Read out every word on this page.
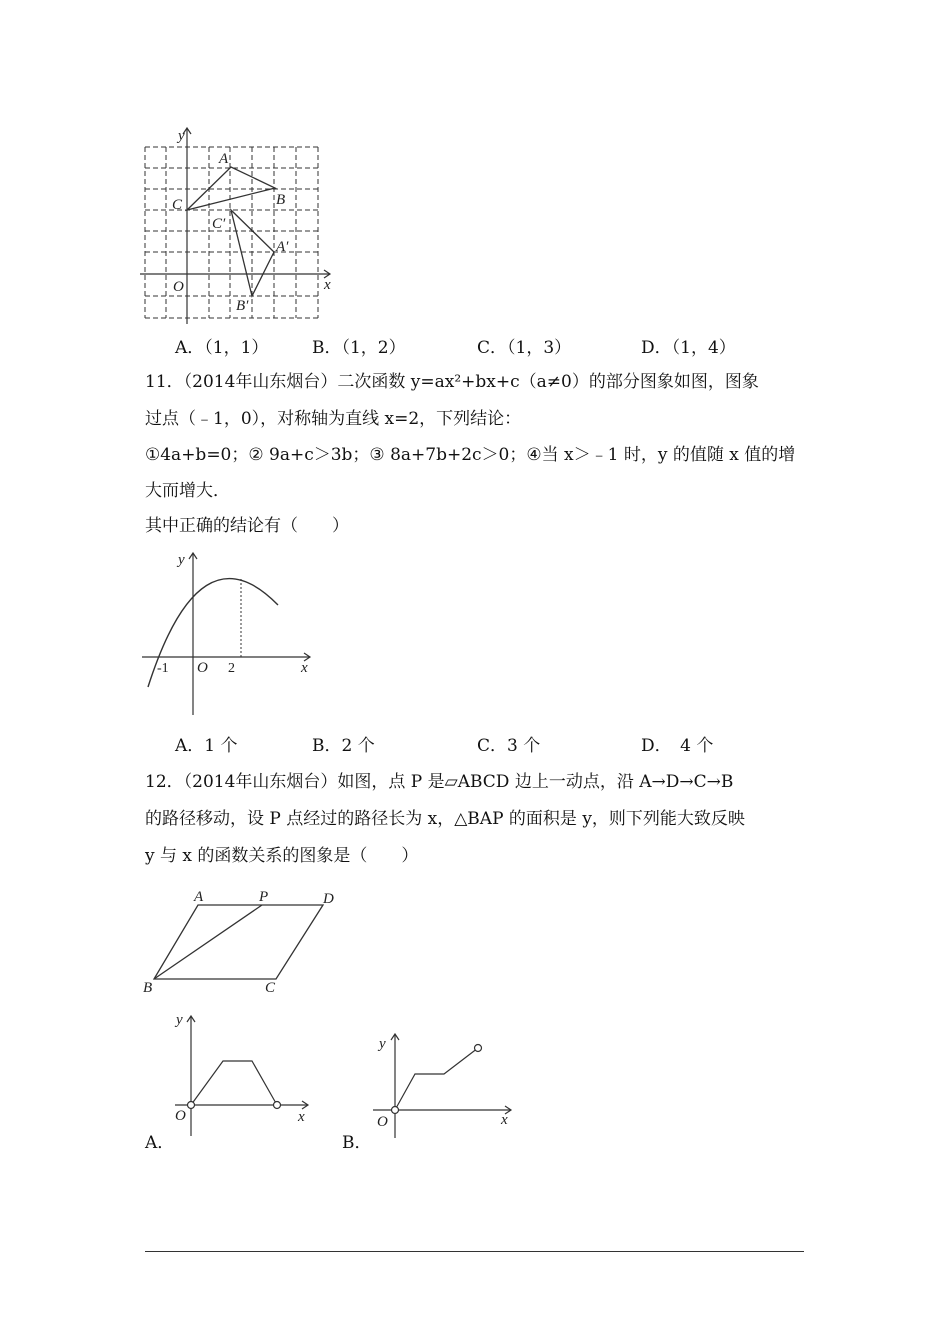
y
x
O
A
B
C
C′
A′
B′
A．（1，1）	B．（1，2）	C．（1，3）	D．（1，4）
11．（2014年山东烟台）二次函数 y=ax²+bx+c（a≠0）的部分图象如图，图象
过点（﹣1，0），对称轴为直线 x=2，下列结论：
①4a+b=0；② 9a+c＞3b；③ 8a+7b+2c＞0；④当 x＞﹣1 时，y 的值随 x 值的增
大而增大．
其中正确的结论有（　　）
y
x
O
-1	2
A．1 个	B．2 个	C．3 个	D．　4 个
12．（2014年山东烟台）如图，点 P 是▱ABCD 边上一动点，沿 A→D→C→B
的路径移动，设 P 点经过的路径长为 x，△BAP 的面积是 y，则下列能大致反映
y 与 x 的函数关系的图象是（　　）
A	P	D
B	C
y
x
O
A．
y
x
O
B．
